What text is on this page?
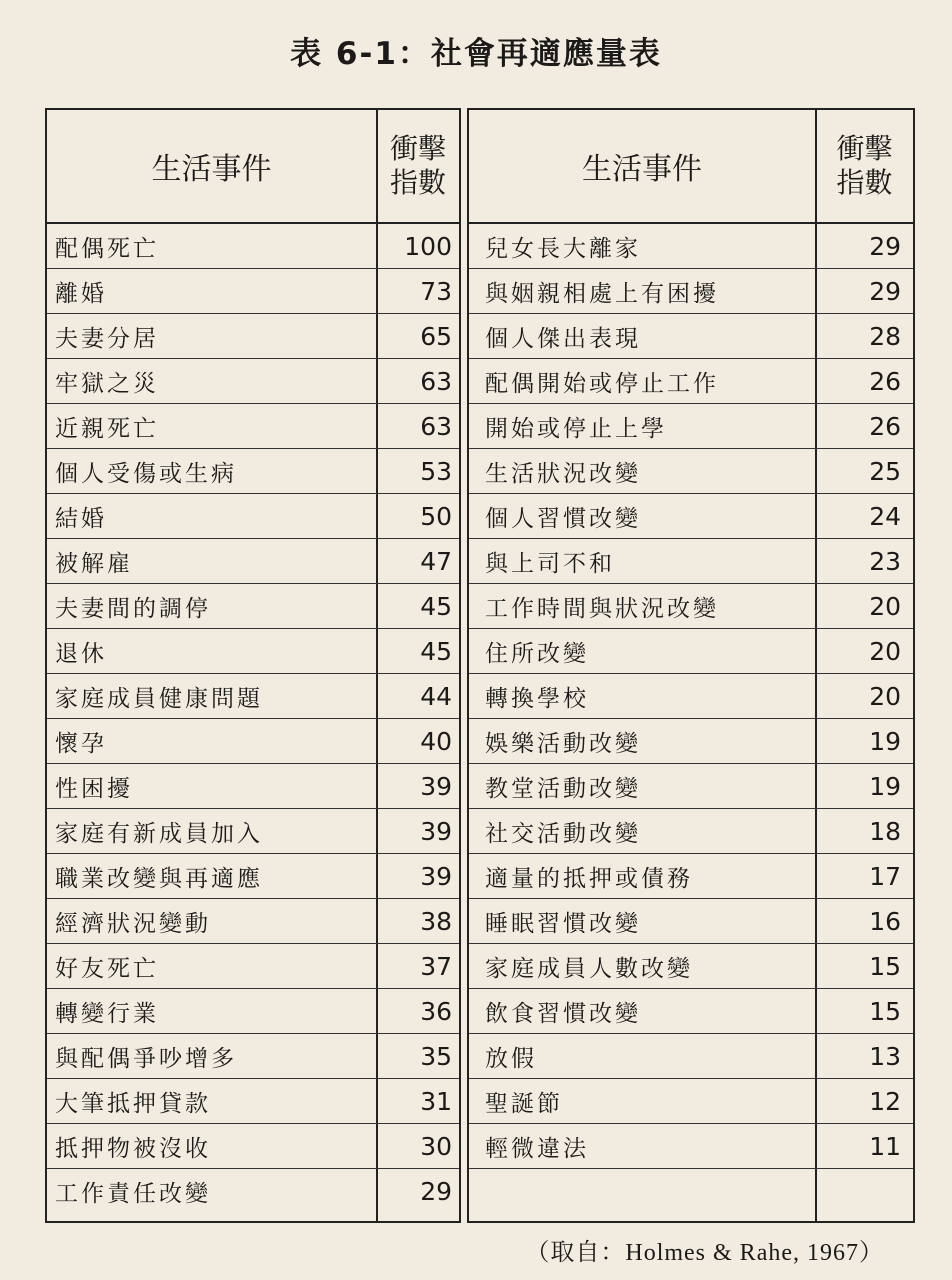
表 6-1：社會再適應量表
生活事件
衝擊
指數
配偶死亡	100
離婚	73
夫妻分居	65
牢獄之災	63
近親死亡	63
個人受傷或生病	53
結婚	50
被解雇	47
夫妻間的調停	45
退休	45
家庭成員健康問題	44
懷孕	40
性困擾	39
家庭有新成員加入	39
職業改變與再適應	39
經濟狀況變動	38
好友死亡	37
轉變行業	36
與配偶爭吵增多	35
大筆抵押貸款	31
抵押物被沒收	30
工作責任改變	29
生活事件
衝擊
指數
兒女長大離家	29
與姻親相處上有困擾	29
個人傑出表現	28
配偶開始或停止工作	26
開始或停止上學	26
生活狀況改變	25
個人習慣改變	24
與上司不和	23
工作時間與狀況改變	20
住所改變	20
轉換學校	20
娛樂活動改變	19
教堂活動改變	19
社交活動改變	18
適量的抵押或債務	17
睡眠習慣改變	16
家庭成員人數改變	15
飲食習慣改變	15
放假	13
聖誕節	12
輕微違法	11
（取自：Holmes & Rahe, 1967）
